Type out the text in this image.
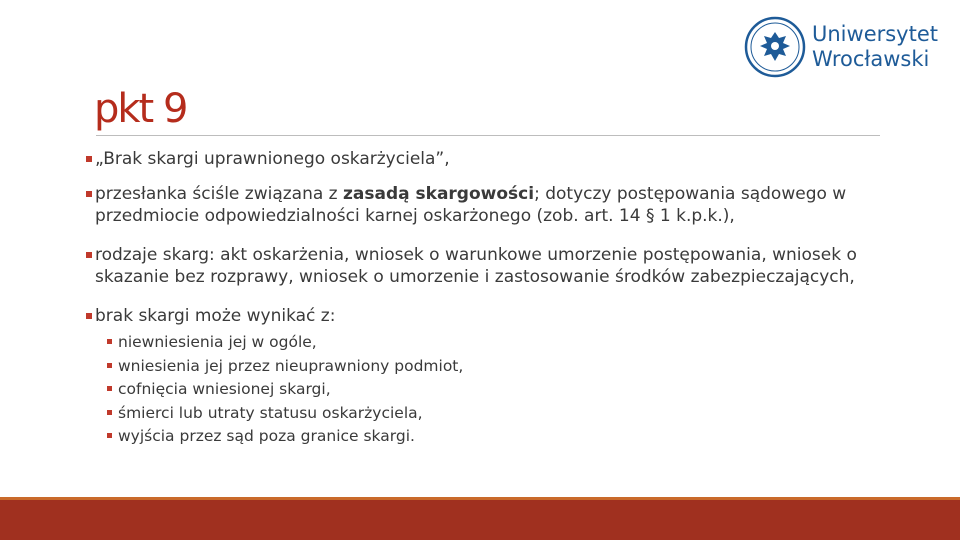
Uniwersytet
Wrocławski
pkt 9
„Brak skargi uprawnionego oskarżyciela”,
przesłanka ściśle związana z zasadą skargowości; dotyczy postępowania sądowego w przedmiocie odpowiedzialności karnej oskarżonego (zob. art. 14 § 1 k.p.k.),
rodzaje skarg: akt oskarżenia, wniosek o warunkowe umorzenie postępowania, wniosek o skazanie bez rozprawy, wniosek o umorzenie i zastosowanie środków zabezpieczających,
brak skargi może wynikać z:
niewniesienia jej w ogóle,
wniesienia jej przez nieuprawniony podmiot,
cofnięcia wniesionej skargi,
śmierci lub utraty statusu oskarżyciela,
wyjścia przez sąd poza granice skargi.
